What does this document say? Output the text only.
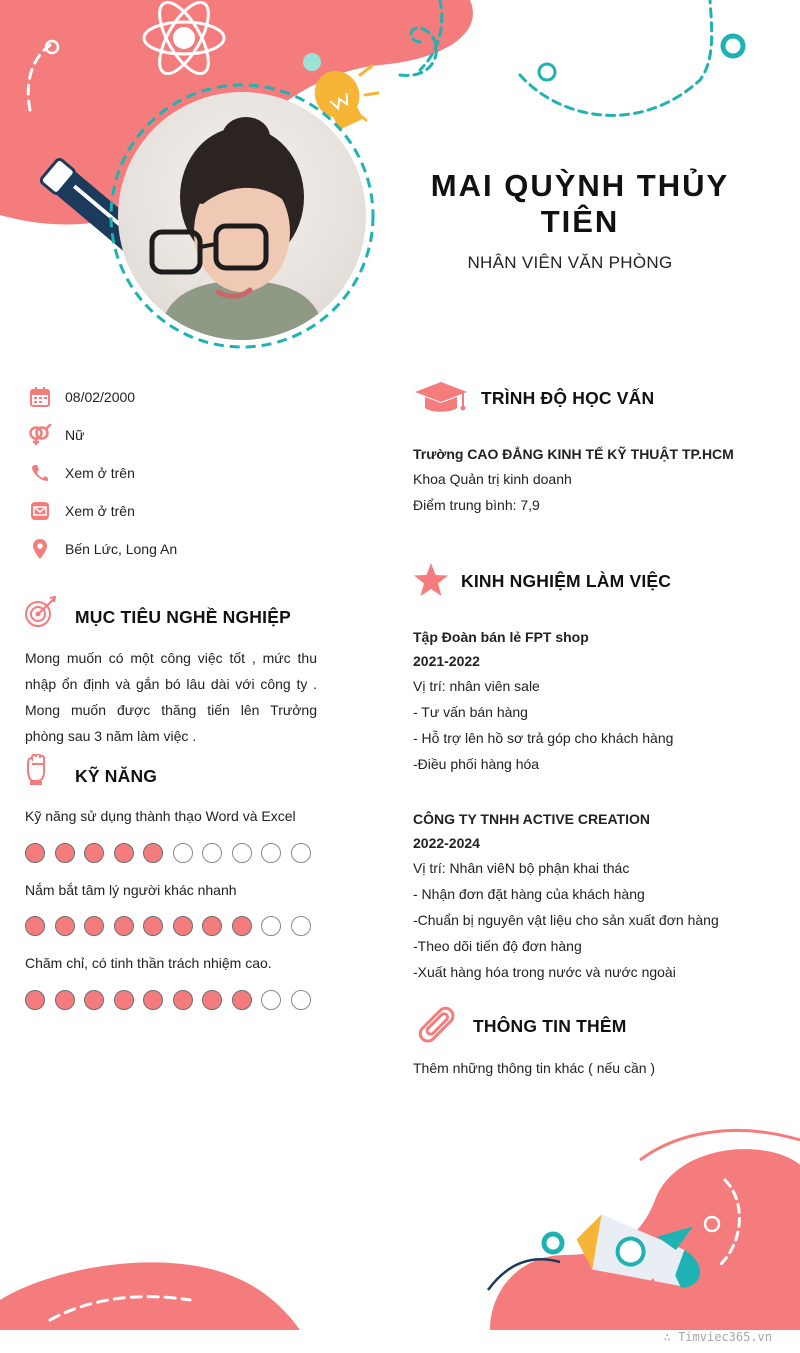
MAI QUỲNH THỦY
TIÊN
NHÂN VIÊN VĂN PHÒNG
08/02/2000
Nữ
Xem ở trên
Xem ở trên
Bến Lức, Long An
MỤC TIÊU NGHỀ NGHIỆP
Mong muốn có một công việc tốt , mức thu nhập ổn định và gắn bó lâu dài với công ty . Mong muốn được thăng tiến lên Trưởng phòng sau 3 năm làm việc .
KỸ NĂNG
Kỹ năng sử dụng thành thạo Word và Excel
Nắm bắt tâm lý người khác nhanh
Chăm chỉ, có tinh thần trách nhiệm cao.
TRÌNH ĐỘ HỌC VẤN
Trường CAO ĐẲNG KINH TẾ KỸ THUẬT TP.HCM
Khoa Quản trị kinh doanh
Điểm trung bình: 7,9
KINH NGHIỆM LÀM VIỆC
Tập Đoàn bán lẻ FPT shop
2021-2022
Vị trí: nhân viên sale
- Tư vấn bán hàng
- Hỗ trợ lên hồ sơ trả góp cho khách hàng
-Điều phối hàng hóa
CÔNG TY TNHH ACTIVE CREATION
2022-2024
Vị trí: Nhân viêN bộ phận khai thác
- Nhận đơn đặt hàng của khách hàng
-Chuẩn bị nguyên vật liệu cho sản xuất đơn hàng
-Theo dõi tiến độ đơn hàng
-Xuất hàng hóa trong nước và nước ngoài
THÔNG TIN THÊM
Thêm những thông tin khác ( nếu cần )
∴ Timviec365.vn
